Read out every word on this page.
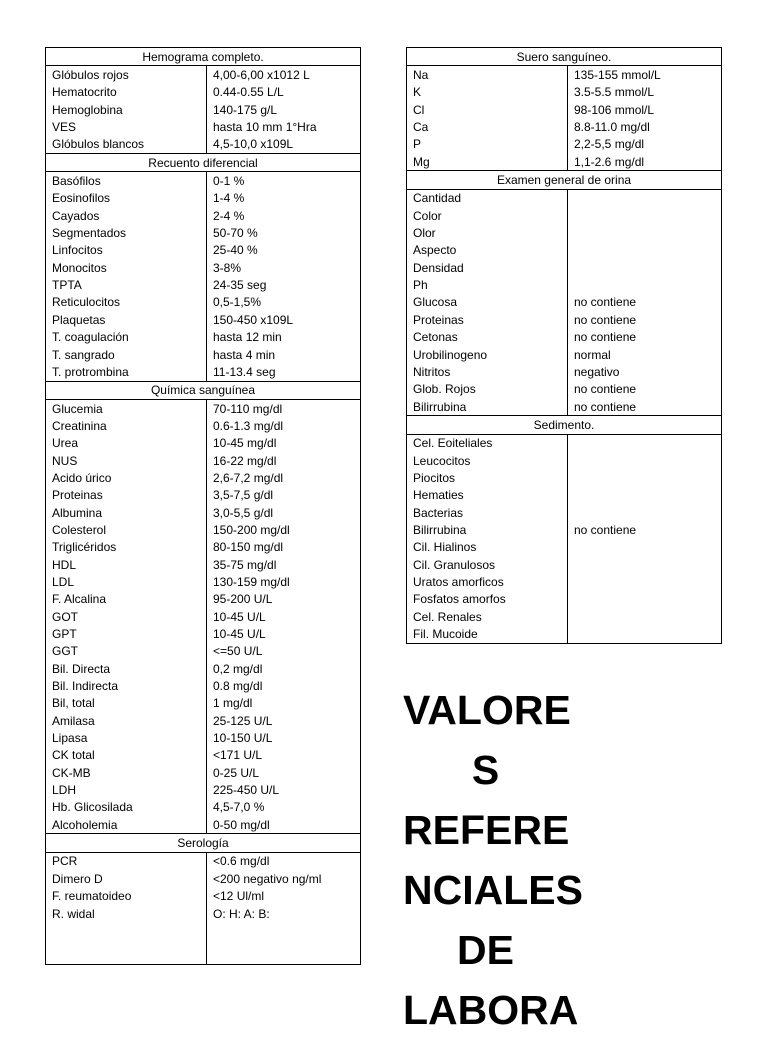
Hemograma completo.	
Glóbulos rojos	4,00-6,00 x1012 L
Hematocrito	0.44-0.55 L/L
Hemoglobina	140-175 g/L
VES	hasta 10 mm 1°Hra
Glóbulos blancos	4,5-10,0 x109L
Recuento diferencial	
Basófilos	0-1 %
Eosinofilos	1-4 %
Cayados	2-4 %
Segmentados	50-70 %
Linfocitos	25-40 %
Monocitos	3-8%
TPTA	24-35 seg
Reticulocitos	0,5-1,5%
Plaquetas	150-450 x109L
T. coagulación	hasta 12 min
T. sangrado	hasta 4 min
T. protrombina	11-13.4 seg
Química sanguínea	
Glucemia	70-110 mg/dl
Creatinina	0.6-1.3 mg/dl
Urea	10-45 mg/dl
NUS	16-22 mg/dl
Acido úrico	2,6-7,2 mg/dl
Proteinas	3,5-7,5 g/dl
Albumina	3,0-5,5 g/dl
Colesterol	150-200 mg/dl
Triglicéridos	80-150 mg/dl
HDL	35-75 mg/dl
LDL	130-159 mg/dl
F. Alcalina	95-200 U/L
GOT	10-45 U/L
GPT	10-45 U/L
GGT	<=50 U/L
Bil. Directa	0,2 mg/dl
Bil. Indirecta	0.8 mg/dl
Bil, total	1 mg/dl
Amilasa	25-125 U/L
Lipasa	10-150 U/L
CK total	<171 U/L
CK-MB	0-25 U/L
LDH	225-450 U/L
Hb. Glicosilada	4,5-7,0 %
Alcoholemia	0-50 mg/dl
Serología	
PCR	<0.6 mg/dl
Dimero D	<200 negativo ng/ml
F. reumatoideo	<12 Ul/ml
R. widal	O: H: A: B:

Suero sanguíneo.	
Na	135-155 mmol/L
K	3.5-5.5 mmol/L
Cl	98-106 mmol/L
Ca	8.8-11.0 mg/dl
P	2,2-5,5 mg/dl
Mg	1,1-2.6 mg/dl
Examen general de orina	
Cantidad	
Color	
Olor	
Aspecto	
Densidad	
Ph	
Glucosa	no contiene
Proteinas	no contiene
Cetonas	no contiene
Urobilinogeno	normal
Nitritos	negativo
Glob. Rojos	no contiene
Bilirrubina	no contiene
Sedimento.	
Cel. Eoiteliales	
Leucocitos	
Piocitos	
Hematies	
Bacterias	
Bilirrubina	no contiene
Cil. Hialinos	
Cil. Granulosos	
Uratos amorficos	
Fosfatos amorfos	
Cel. Renales	
Fil. Mucoide	
VALORE
S
REFERE
NCIALES
DE
LABORA
